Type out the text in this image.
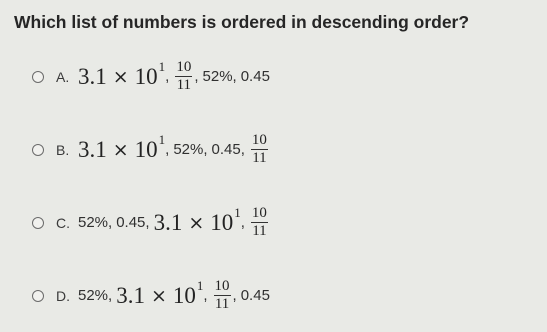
Which list of numbers is ordered in descending order?
A. $3.1 \times 10^1$
, $\frac{10}{11}$ , 52% , 0.45
B. $3.1 \times 10^1$
, 52% , 0.45 , $\frac{10}{11}$
C. 52% , 0.45 , $3.1 \times 10^1$
, $\frac{10}{11}$
D. 52% , $3.1 \times 10^1$
, $\frac{10}{11}$ , 0.45
